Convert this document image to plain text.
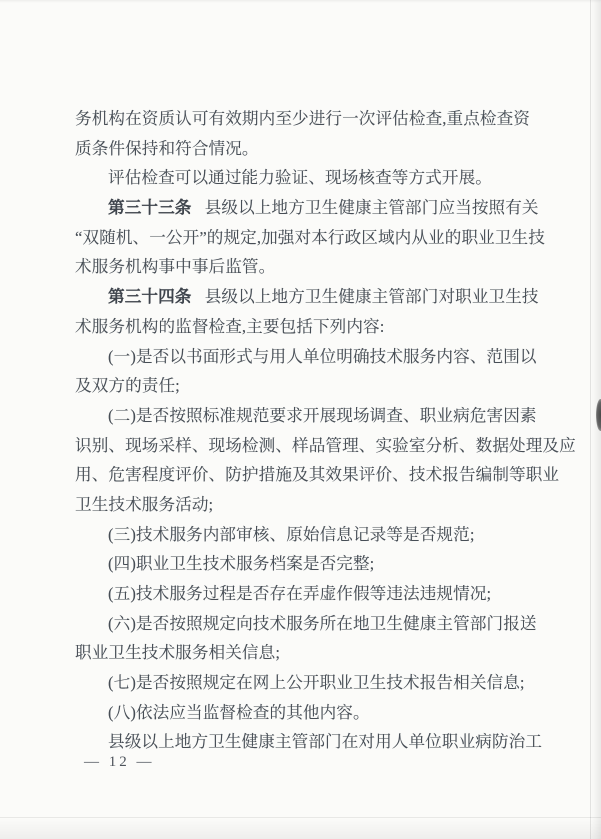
务机构在资质认可有效期内至少进行一次评估检查,重点检查资
质条件保持和符合情况。
评估检查可以通过能力验证、现场核查等方式开展。
第三十三条 县级以上地方卫生健康主管部门应当按照有关
“双随机、一公开”的规定,加强对本行政区域内从业的职业卫生技
术服务机构事中事后监管。
第三十四条 县级以上地方卫生健康主管部门对职业卫生技
术服务机构的监督检查,主要包括下列内容:
(一)是否以书面形式与用人单位明确技术服务内容、范围以
及双方的责任;
(二)是否按照标准规范要求开展现场调查、职业病危害因素
识别、现场采样、现场检测、样品管理、实验室分析、数据处理及应
用、危害程度评价、防护措施及其效果评价、技术报告编制等职业
卫生技术服务活动;
(三)技术服务内部审核、原始信息记录等是否规范;
(四)职业卫生技术服务档案是否完整;
(五)技术服务过程是否存在弄虚作假等违法违规情况;
(六)是否按照规定向技术服务所在地卫生健康主管部门报送
职业卫生技术服务相关信息;
(七)是否按照规定在网上公开职业卫生技术报告相关信息;
(八)依法应当监督检查的其他内容。
县级以上地方卫生健康主管部门在对用人单位职业病防治工
— 12 —
